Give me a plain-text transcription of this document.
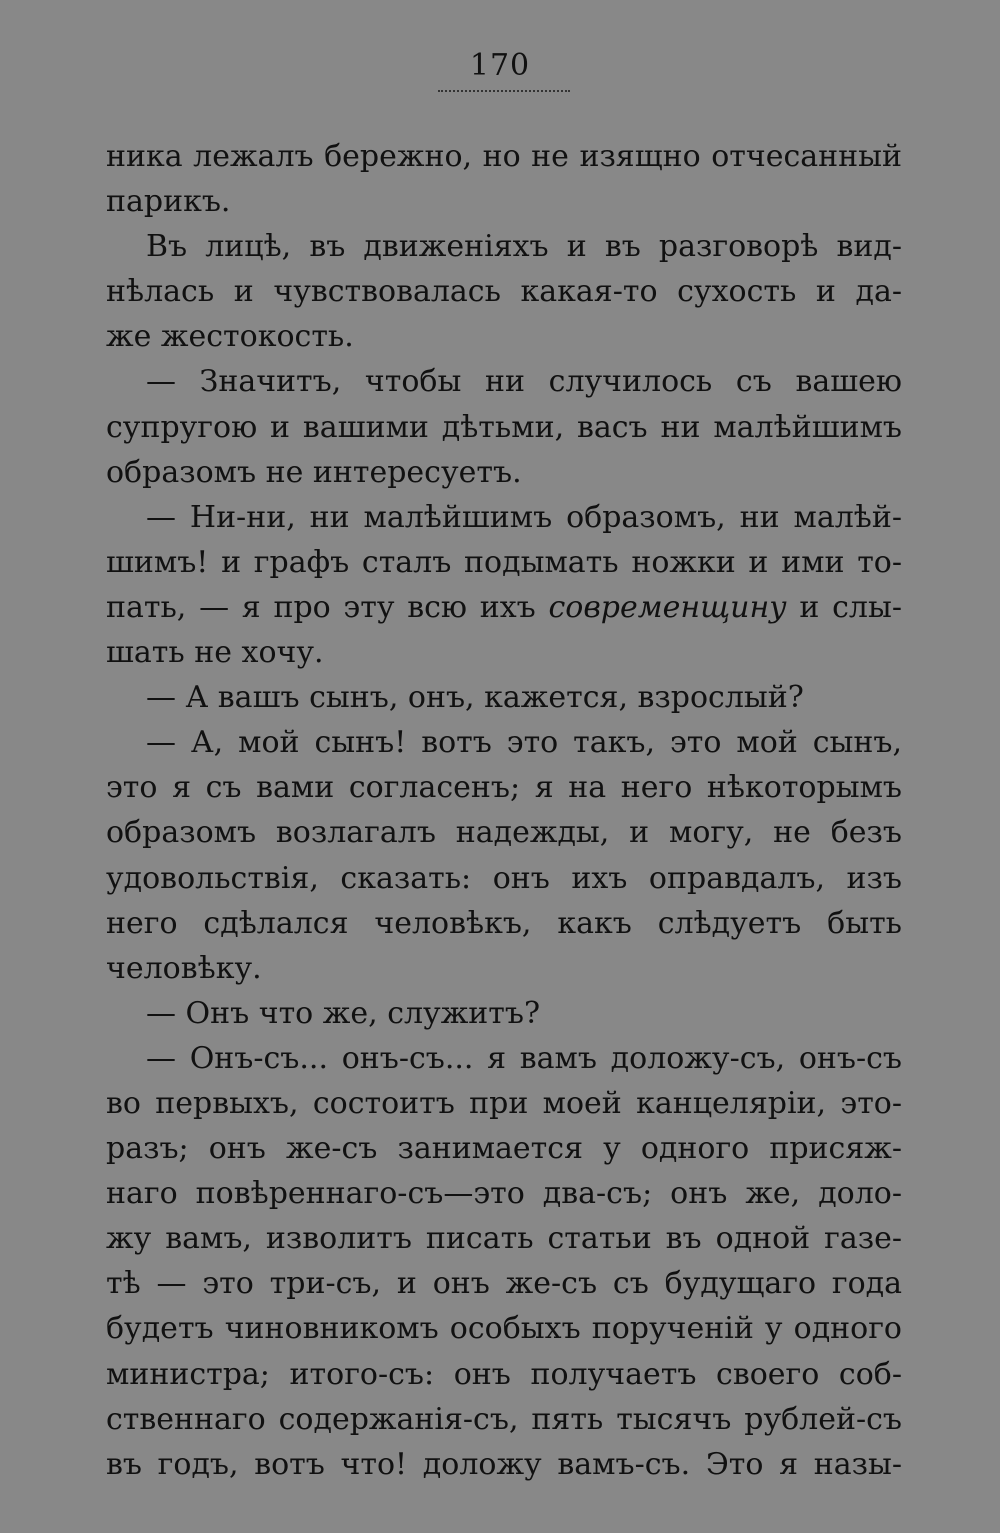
170
ника лежалъ бережно, но не изящно отчесанный
парикъ.
Въ лицѣ, въ движеніяхъ и въ разговорѣ вид-
нѣлась и чувствовалась какая-то сухость и да-
же жестокость.
— Значитъ, чтобы ни случилось съ вашею
супругою и вашими дѣтьми, васъ ни малѣйшимъ
образомъ не интересуетъ.
— Ни-ни, ни малѣйшимъ образомъ, ни малѣй-
шимъ! и графъ сталъ подымать ножки и ими то-
пать, — я про эту всю ихъ современщину и слы-
шать не хочу.
— А вашъ сынъ, онъ, кажется, взрослый?
— А, мой сынъ! вотъ это такъ, это мой сынъ,
это я съ вами согласенъ; я на него нѣкоторымъ
образомъ возлагалъ надежды, и могу, не безъ
удовольствія, сказать: онъ ихъ оправдалъ, изъ
него сдѣлался человѣкъ, какъ слѣдуетъ быть
человѣку.
— Онъ что же, служитъ?
— Онъ-съ... онъ-съ... я вамъ доложу-съ, онъ-съ
во первыхъ, состоитъ при моей канцеляріи, это-
разъ; онъ же-съ занимается у одного присяж-
наго повѣреннаго-съ—это два-съ; онъ же, доло-
жу вамъ, изволитъ писать статьи въ одной газе-
тѣ — это три-съ, и онъ же-съ съ будущаго года
будетъ чиновникомъ особыхъ порученій у одного
министра; итого-съ: онъ получаетъ своего соб-
ственнаго содержанія-съ, пять тысячъ рублей-съ
въ годъ, вотъ что! доложу вамъ-съ. Это я назы-
